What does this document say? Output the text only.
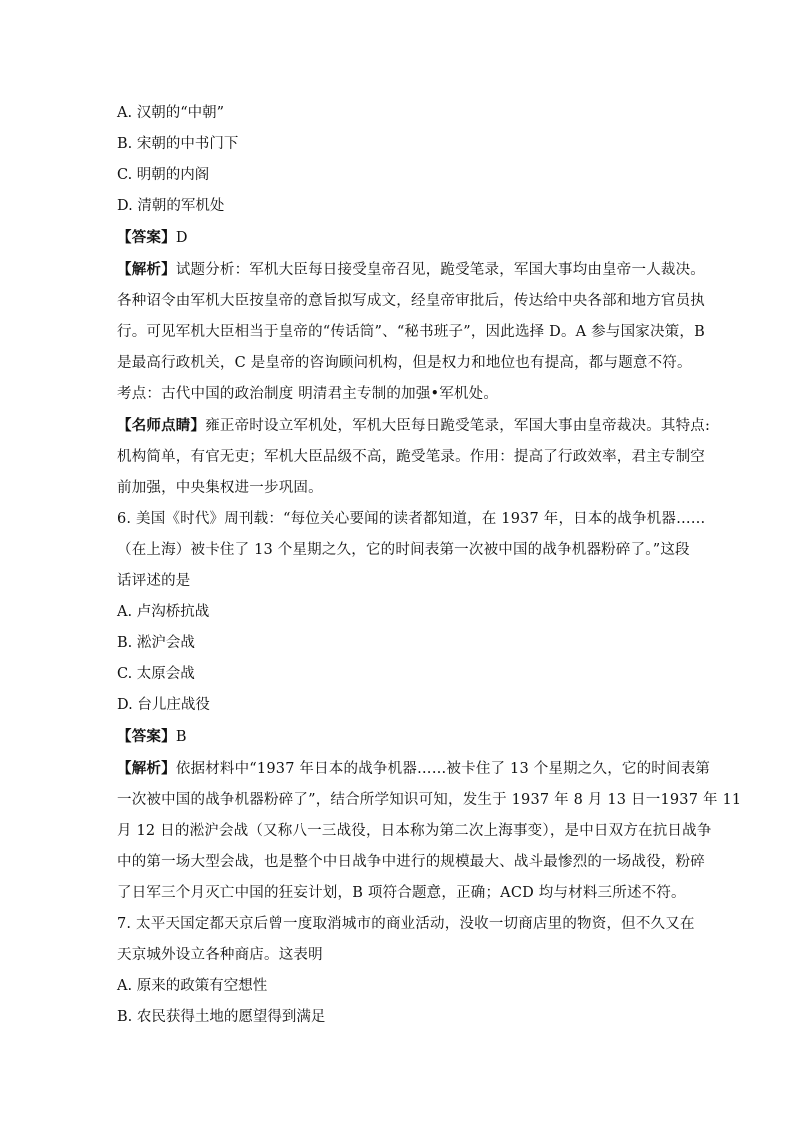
A. 汉朝的“中朝”
B. 宋朝的中书门下
C. 明朝的内阁
D. 清朝的军机处
【答案】D
【解析】试题分析：军机大臣每日接受皇帝召见，跪受笔录，军国大事均由皇帝一人裁决。
各种诏令由军机大臣按皇帝的意旨拟写成文，经皇帝审批后，传达给中央各部和地方官员执
行。可见军机大臣相当于皇帝的“传话筒”、“秘书班子”，因此选择 D。A 参与国家决策，B
是最高行政机关，C 是皇帝的咨询顾问机构，但是权力和地位也有提高，都与题意不符。
考点：古代中国的政治制度 明清君主专制的加强•军机处。
【名师点睛】雍正帝时设立军机处，军机大臣每日跪受笔录，军国大事由皇帝裁决。其特点:
机构简单，有官无吏；军机大臣品级不高，跪受笔录。作用：提高了行政效率，君主专制空
前加强，中央集权进一步巩固。
6. 美国《时代》周刊载：“每位关心要闻的读者都知道，在 1937 年，日本的战争机器……
（在上海）被卡住了 13 个星期之久，它的时间表第一次被中国的战争机器粉碎了。”这段
话评述的是
A. 卢沟桥抗战
B. 淞沪会战
C. 太原会战
D. 台儿庄战役
【答案】B
【解析】依据材料中“1937 年日本的战争机器……被卡住了 13 个星期之久，它的时间表第
一次被中国的战争机器粉碎了”，结合所学知识可知，发生于 1937 年 8 月 13 日一1937 年 11
月 12 日的淞沪会战（又称八一三战役，日本称为第二次上海事变），是中日双方在抗日战争
中的第一场大型会战，也是整个中日战争中进行的规模最大、战斗最惨烈的一场战役，粉碎
了日军三个月灭亡中国的狂妄计划，B 项符合题意，正确；ACD 均与材料三所述不符。
7. 太平天国定都天京后曾一度取消城市的商业活动，没收一切商店里的物资，但不久又在
天京城外设立各种商店。这表明
A. 原来的政策有空想性
B. 农民获得土地的愿望得到满足
